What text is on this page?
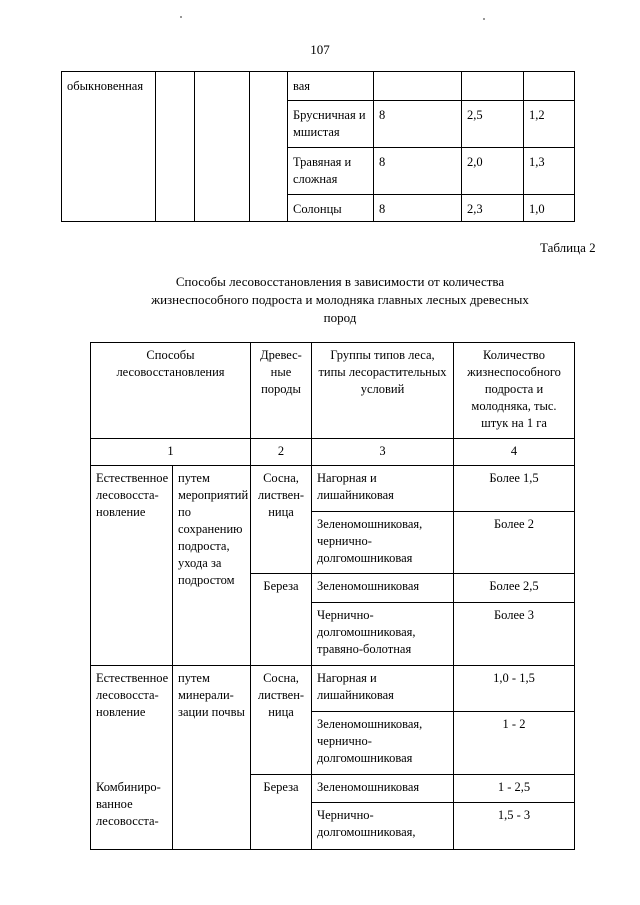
107
обыкновенная				вая			
				Брусничная и мшистая	8	2,5	1,2
				Травяная и сложная	8	2,0	1,3
				Солонцы	8	2,3	1,0
Таблица 2
Способы лесовосстановления в зависимости от количества жизнеспособного подроста и молодняка главных лесных древесных пород
Способы лесовосстановления		Древес-ные породы	Группы типов леса, типы лесорастительных условий	Количество жизнеспособного подроста и молодняка, тыс. штук на 1 га
1		2	3	4
Естественное лесовосста-новление	путем мероприятий по сохранению подроста, ухода за подростом	Сосна, листвен-ница	Нагорная и лишайниковая	Более 1,5
			Зеленомошниковая, чернично-долгомошниковая	Более 2
		Береза	Зеленомошниковая	Более 2,5
			Чернично-долгомошниковая, травяно-болотная	Более 3
Естественное лесовосста-новление	путем минерали-зации почвы	Сосна, листвен-ница	Нагорная и лишайниковая	1,0 - 1,5
			Зеленомошниковая, чернично-долгомошниковая	1 - 2
Комбиниро-ванное лесовосста-		Береза	Зеленомошниковая	1 - 2,5
			Чернично-долгомошниковая,	1,5 - 3
